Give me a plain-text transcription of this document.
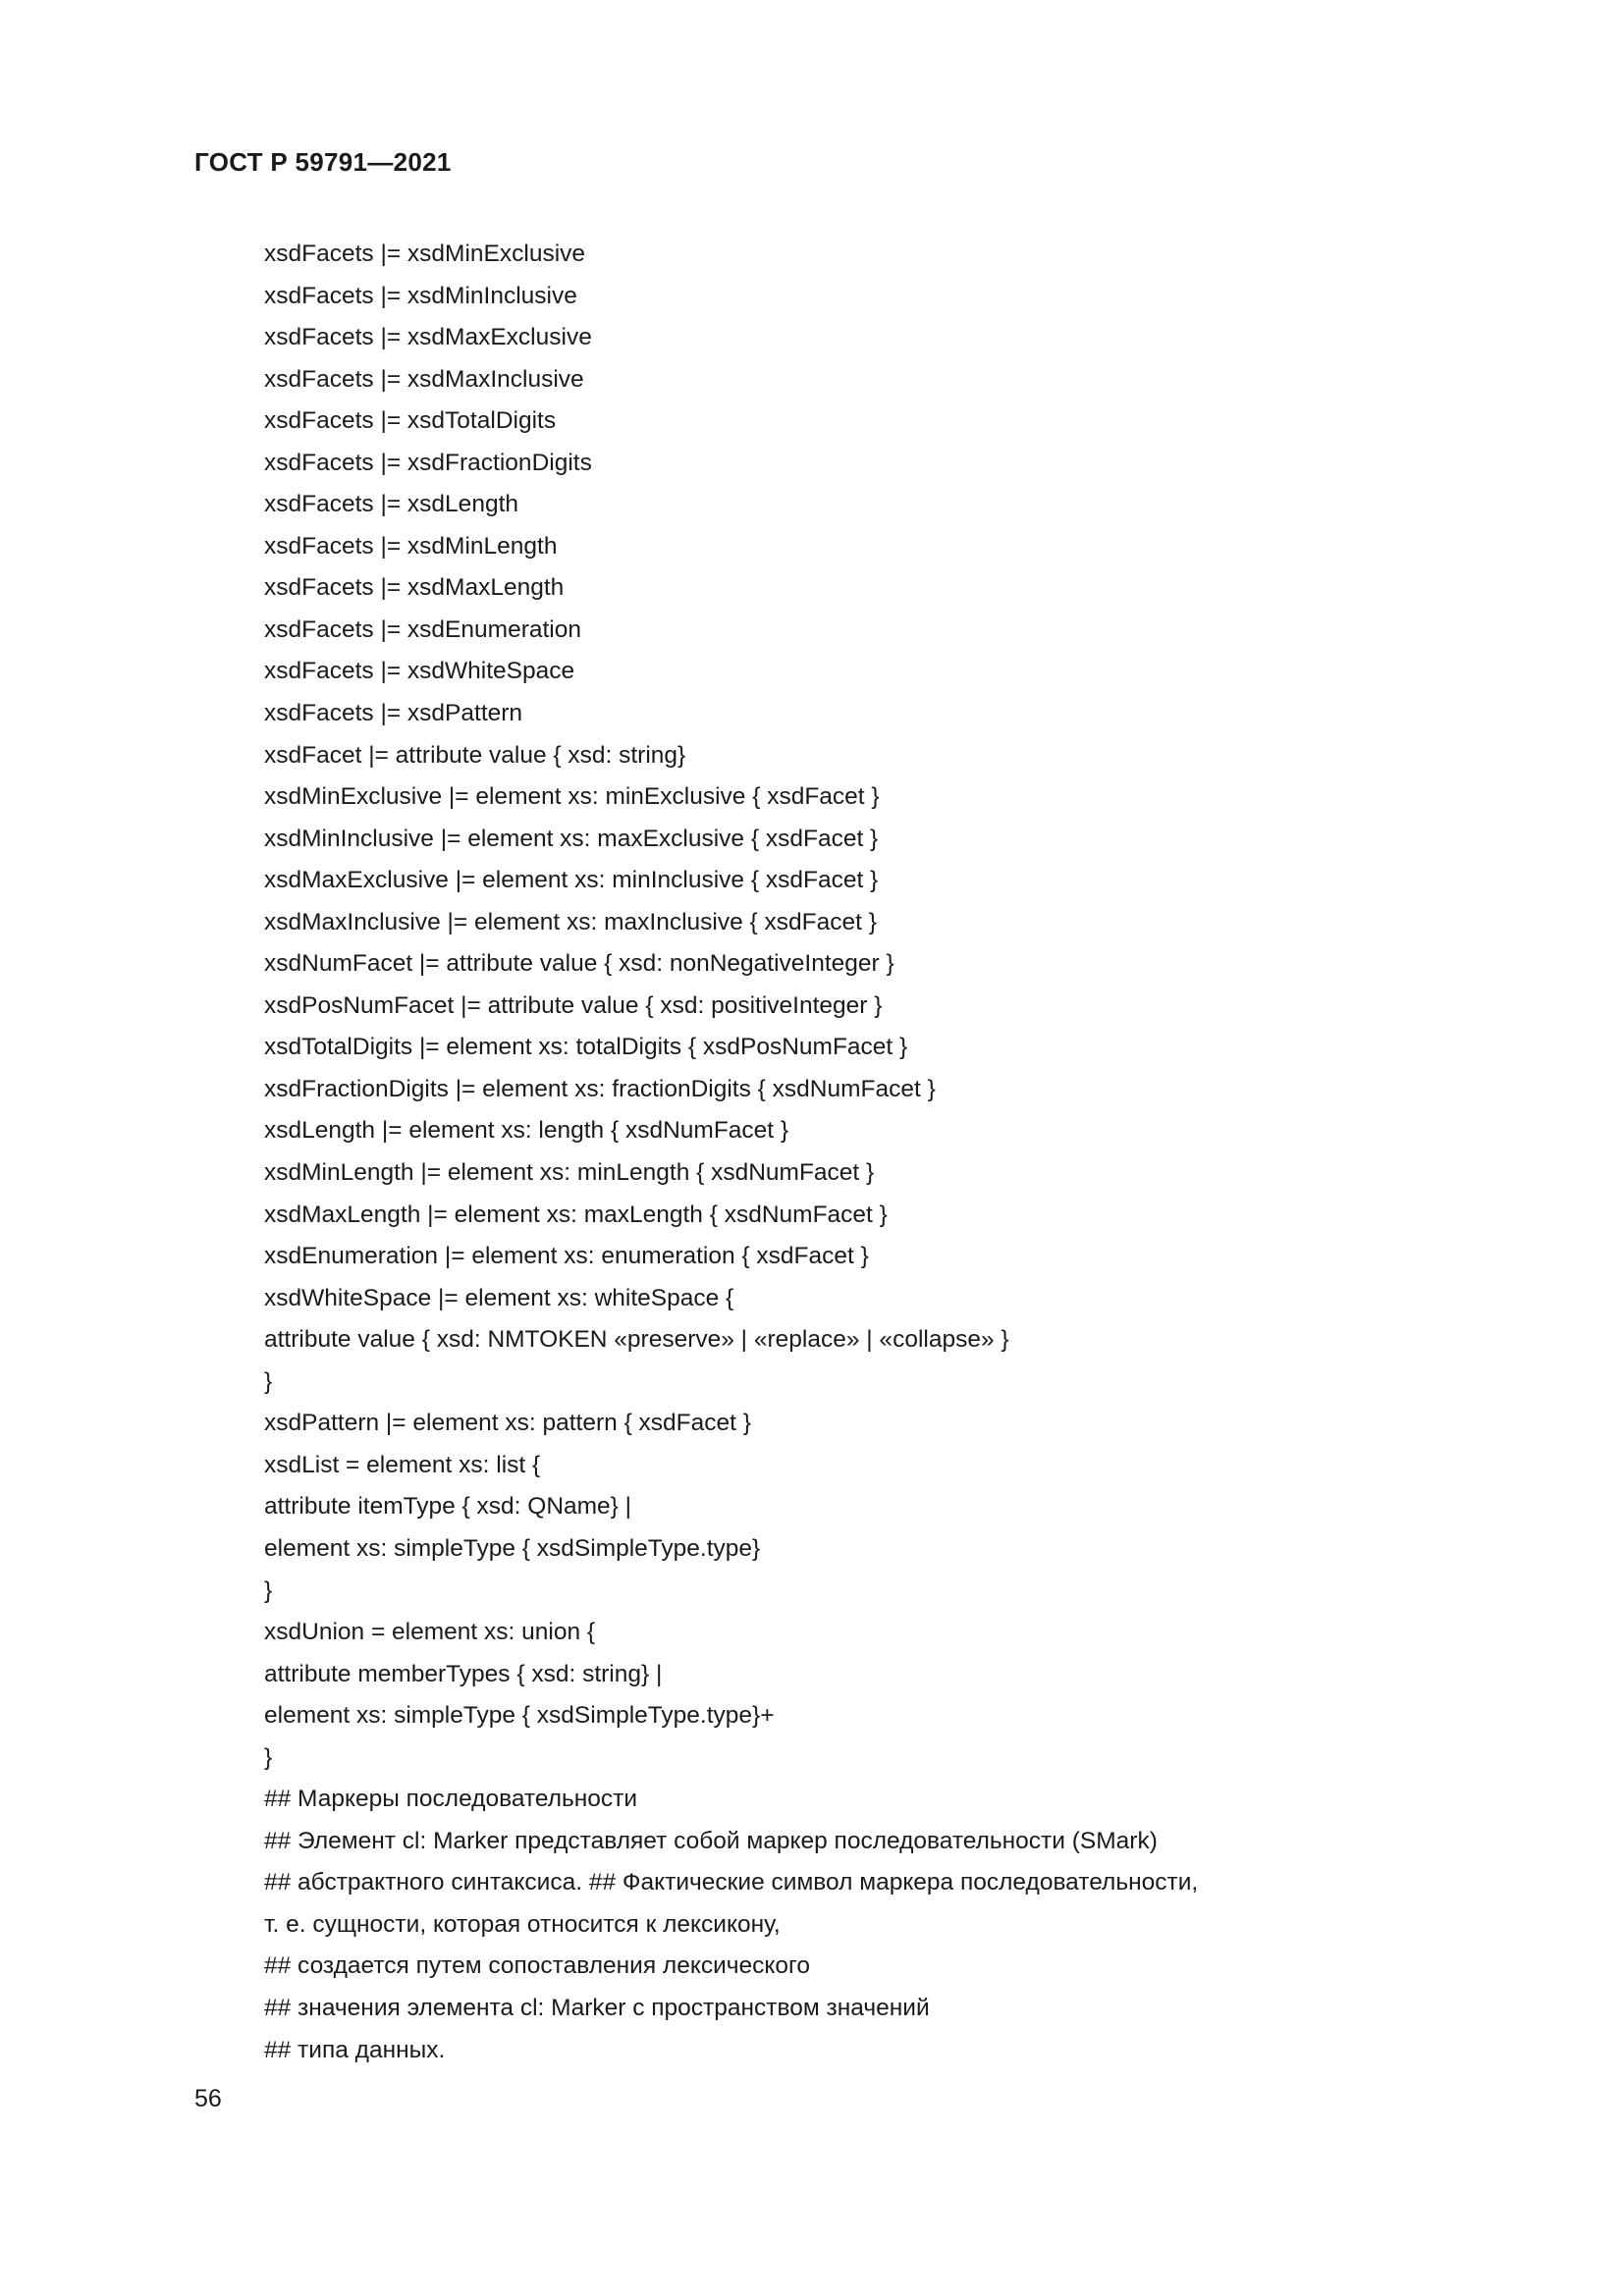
ГОСТ Р 59791—2021
xsdFacets |= xsdMinExclusive
xsdFacets |= xsdMinInclusive
xsdFacets |= xsdMaxExclusive
xsdFacets |= xsdMaxInclusive
xsdFacets |= xsdTotalDigits
xsdFacets |= xsdFractionDigits
xsdFacets |= xsdLength
xsdFacets |= xsdMinLength
xsdFacets |= xsdMaxLength
xsdFacets |= xsdEnumeration
xsdFacets |= xsdWhiteSpace
xsdFacets |= xsdPattern
xsdFacet |= attribute value { xsd: string}
xsdMinExclusive |= element xs: minExclusive { xsdFacet }
xsdMinInclusive |= element xs: maxExclusive { xsdFacet }
xsdMaxExclusive |= element xs: minInclusive { xsdFacet }
xsdMaxInclusive |= element xs: maxInclusive { xsdFacet }
xsdNumFacet |= attribute value { xsd: nonNegativeInteger }
xsdPosNumFacet |= attribute value { xsd: positiveInteger }
xsdTotalDigits |= element xs: totalDigits { xsdPosNumFacet }
xsdFractionDigits |= element xs: fractionDigits { xsdNumFacet }
xsdLength |= element xs: length { xsdNumFacet }
xsdMinLength |= element xs: minLength { xsdNumFacet }
xsdMaxLength |= element xs: maxLength { xsdNumFacet }
xsdEnumeration |= element xs: enumeration { xsdFacet }
xsdWhiteSpace |= element xs: whiteSpace {
attribute value { xsd: NMTOKEN «preserve» | «replace» | «collapse» }
}
xsdPattern |= element xs: pattern { xsdFacet }
xsdList = element xs: list {
attribute itemType { xsd: QName} |
element xs: simpleType { xsdSimpleType.type}
}
xsdUnion = element xs: union {
attribute memberTypes { xsd: string} |
element xs: simpleType { xsdSimpleType.type}+
}
## Маркеры последовательности
## Элемент cl: Marker представляет собой маркер последовательности (SMark)
## абстрактного синтаксиса. ## Фактические символ маркера последовательности,
т. е. сущности, которая относится к лексикону,
## создается путем сопоставления лексического
## значения элемента cl: Marker с пространством значений
## типа данных.
56
